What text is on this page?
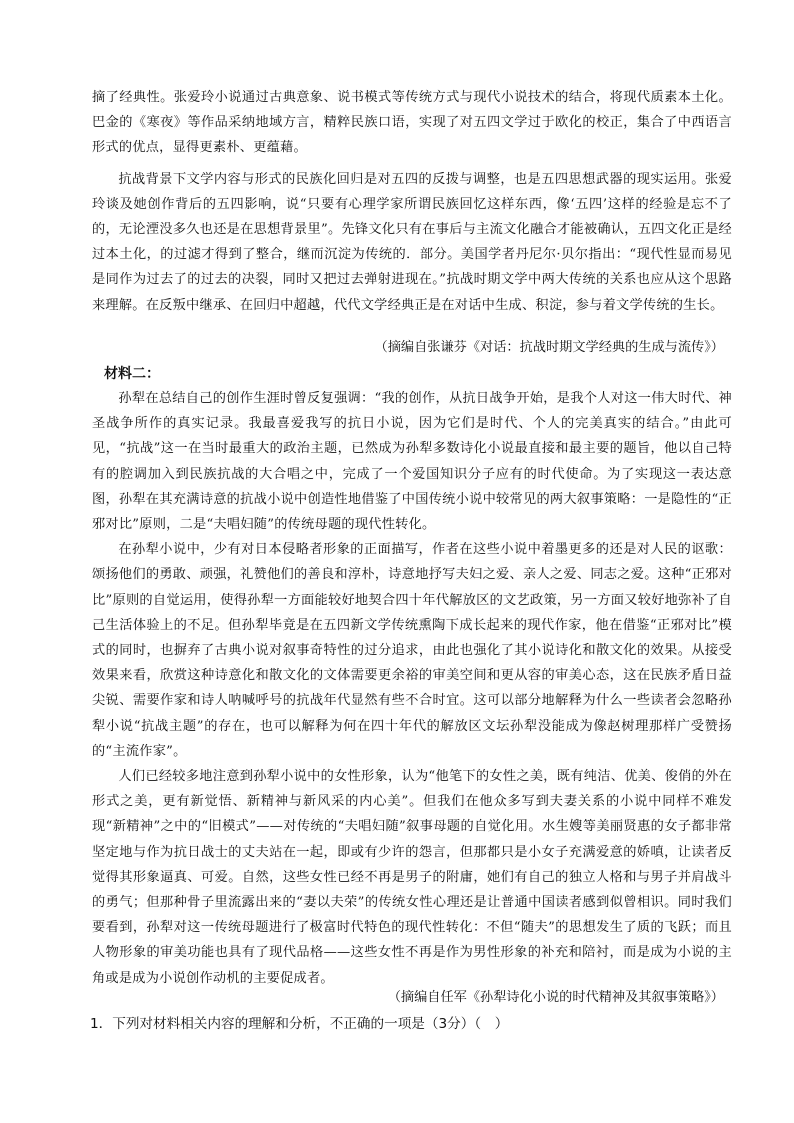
摘了经典性。张爱玲小说通过古典意象、说书模式等传统方式与现代小说技术的结合，将现代质素本土化。巴金的《寒夜》等作品采纳地域方言，精粹民族口语，实现了对五四文学过于欧化的校正，集合了中西语言形式的优点，显得更素朴、更蕴藉。

抗战背景下文学内容与形式的民族化回归是对五四的反拨与调整，也是五四思想武器的现实运用。张爱玲谈及她创作背后的五四影响，说“只要有心理学家所谓民族回忆这样东西，像‘五四’这样的经验是忘不了的，无论湮没多久也还是在思想背景里”。先锋文化只有在事后与主流文化融合才能被确认，五四文化正是经过本土化，的过滤才得到了整合，继而沉淀为传统的．部分。美国学者丹尼尔·贝尔指出：“现代性显而易见是同作为过去了的过去的决裂，同时又把过去弹射进现在。”抗战时期文学中两大传统的关系也应从这个思路来理解。在反叛中继承、在回归中超越，代代文学经典正是在对话中生成、积淀，参与着文学传统的生长。

（摘编自张谦芬《对话：抗战时期文学经典的生成与流传》）

材料二：

孙犁在总结自己的创作生涯时曾反复强调：“我的创作，从抗日战争开始，是我个人对这一伟大时代、神圣战争所作的真实记录。我最喜爱我写的抗日小说，因为它们是时代、个人的完美真实的结合。”由此可见，“抗战”这一在当时最重大的政治主题，已然成为孙犁多数诗化小说最直接和最主要的题旨，他以自己特有的腔调加入到民族抗战的大合唱之中，完成了一个爱国知识分子应有的时代使命。为了实现这一表达意图，孙犁在其充满诗意的抗战小说中创造性地借鉴了中国传统小说中较常见的两大叙事策略：一是隐性的“正邪对比”原则，二是“夫唱妇随”的传统母题的现代性转化。

在孙犁小说中，少有对日本侵略者形象的正面描写，作者在这些小说中着墨更多的还是对人民的讴歌：颂扬他们的勇敢、顽强，礼赞他们的善良和淳朴，诗意地抒写夫妇之爱、亲人之爱、同志之爱。这种“正邪对比”原则的自觉运用，使得孙犁一方面能较好地契合四十年代解放区的文艺政策，另一方面又较好地弥补了自己生活体验上的不足。但孙犁毕竟是在五四新文学传统熏陶下成长起来的现代作家，他在借鉴“正邪对比”模式的同时，也摒弃了古典小说对叙事奇特性的过分追求，由此也强化了其小说诗化和散文化的效果。从接受效果来看，欣赏这种诗意化和散文化的文体需要更余裕的审美空间和更从容的审美心态，这在民族矛盾日益尖锐、需要作家和诗人呐喊呼号的抗战年代显然有些不合时宜。这可以部分地解释为什么一些读者会忽略孙犁小说“抗战主题”的存在，也可以解释为何在四十年代的解放区文坛孙犁没能成为像赵树理那样广受赞扬的“主流作家”。

人们已经较多地注意到孙犁小说中的女性形象，认为“他笔下的女性之美，既有纯洁、优美、俊俏的外在形式之美，更有新觉悟、新精神与新风采的内心美”。但我们在他众多写到夫妻关系的小说中同样不难发现“新精神”之中的“旧模式”——对传统的“夫唱妇随”叙事母题的自觉化用。水生嫂等美丽贤惠的女子都非常坚定地与作为抗日战士的丈夫站在一起，即或有少许的怨言，但那都只是小女子充满爱意的娇嗔，让读者反觉得其形象逼真、可爱。自然，这些女性已经不再是男子的附庸，她们有自己的独立人格和与男子并肩战斗的勇气；但那种骨子里流露出来的“妻以夫荣”的传统女性心理还是让普通中国读者感到似曾相识。同时我们要看到，孙犁对这一传统母题进行了极富时代特色的现代性转化：不但“随夫”的思想发生了质的飞跃；而且人物形象的审美功能也具有了现代品格——这些女性不再是作为男性形象的补充和陪衬，而是成为小说的主角或是成为小说创作动机的主要促成者。

（摘编自任军《孙犁诗化小说的时代精神及其叙事策略》）

1．下列对材料相关内容的理解和分析，不正确的一项是（3分）（　）
